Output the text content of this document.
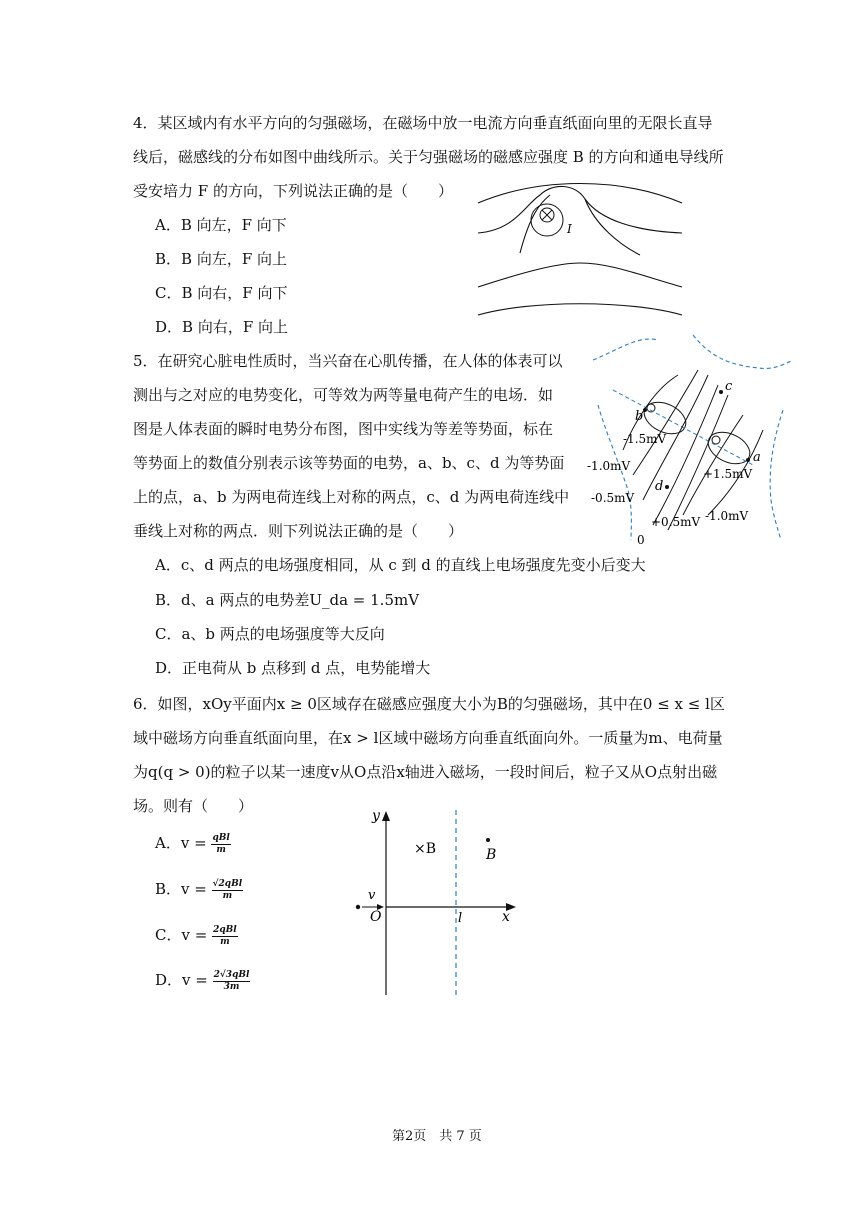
4．某区域内有水平方向的匀强磁场，在磁场中放一电流方向垂直纸面向里的无限长直导
线后，磁感线的分布如图中曲线所示。关于匀强磁场的磁感应强度 B 的方向和通电导线所
受安培力 F 的方向，下列说法正确的是（　　）
A．B 向左，F 向下
B．B 向左，F 向上
C．B 向右，F 向下
D．B 向右，F 向上
I
5．在研究心脏电性质时，当兴奋在心肌传播，在人体的体表可以
测出与之对应的电势变化，可等效为两等量电荷产生的电场．如
图是人体表面的瞬时电势分布图，图中实线为等差等势面，标在
等势面上的数值分别表示该等势面的电势，a、b、c、d 为等势面
上的点，a、b 为两电荷连线上对称的两点，c、d 为两电荷连线中
垂线上对称的两点．则下列说法正确的是（　　）
A．c、d 两点的电场强度相同，从 c 到 d 的直线上电场强度先变小后变大
B．d、a 两点的电势差U_da = 1.5mV
C．a、b 两点的电场强度等大反向
D．正电荷从 b 点移到 d 点，电势能增大
-1.5mV
-1.0mV
-0.5mV
+1.5mV
+0.5mV -1.0mV
0
a
b
c
d
6．如图，xOy平面内x ≥ 0区域存在磁感应强度大小为B的匀强磁场，其中在0 ≤ x ≤ l区
域中磁场方向垂直纸面向里，在x > l区域中磁场方向垂直纸面向外。一质量为m、电荷量
为q(q > 0)的粒子以某一速度v从O点沿x轴进入磁场，一段时间后，粒子又从O点射出磁
场。则有（　　）
A．$v = \frac{\text{qBl}}{m}$
B．$v = \frac{\text{√2qBl}}{m}$
C．$v = \frac{\text{2qBl}}{m}$
D．$v = \frac{\text{2√3qBl}}{3m}$
v
O
y
x
l
×B	B
第2页　共 7 页
